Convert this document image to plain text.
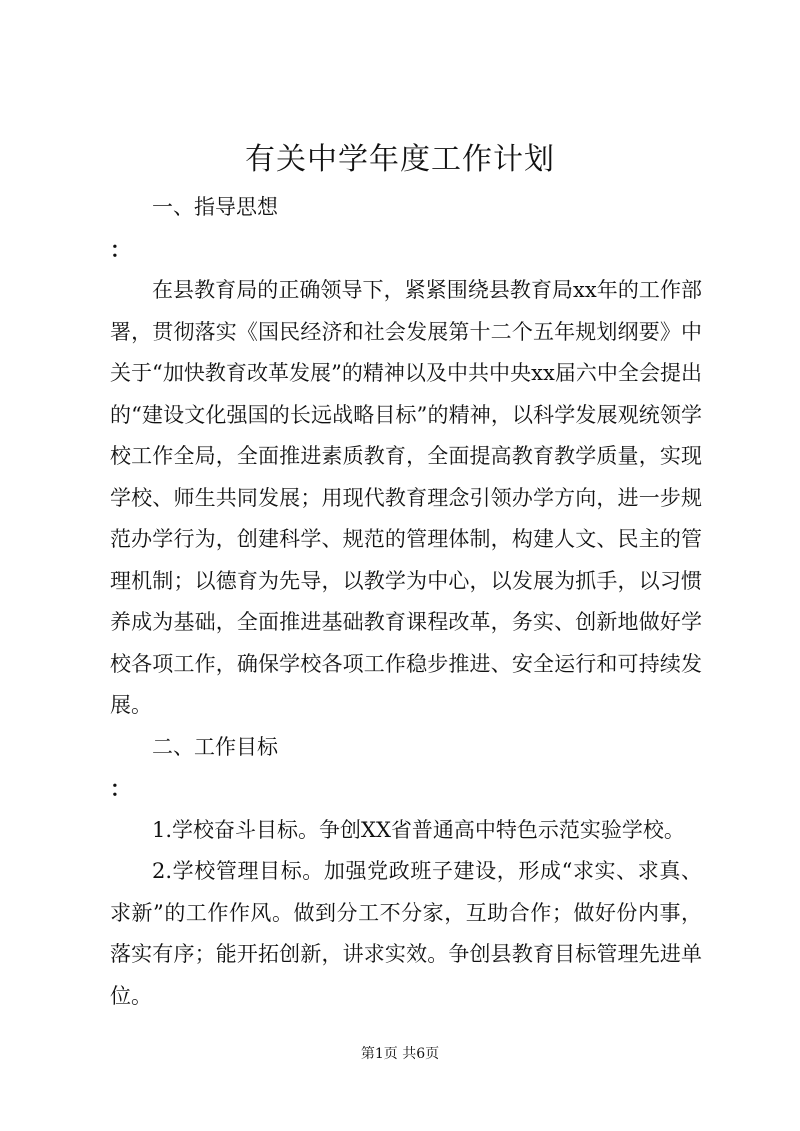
有关中学年度工作计划

一、指导思想

：

在县教育局的正确领导下，紧紧围绕县教育局xx年的工作部署，贯彻落实《国民经济和社会发展第十二个五年规划纲要》中关于“加快教育改革发展”的精神以及中共中央xx届六中全会提出的“建设文化强国的长远战略目标”的精神，以科学发展观统领学校工作全局，全面推进素质教育，全面提高教育教学质量，实现学校、师生共同发展；用现代教育理念引领办学方向，进一步规范办学行为，创建科学、规范的管理体制，构建人文、民主的管理机制；以德育为先导，以教学为中心，以发展为抓手，以习惯养成为基础，全面推进基础教育课程改革，务实、创新地做好学校各项工作，确保学校各项工作稳步推进、安全运行和可持续发展。

二、工作目标

：

1.学校奋斗目标。争创XX省普通高中特色示范实验学校。

2.学校管理目标。加强党政班子建设，形成“求实、求真、求新”的工作作风。做到分工不分家，互助合作；做好份内事，落实有序；能开拓创新，讲求实效。争创县教育目标管理先进单位。

第1页 共6页
